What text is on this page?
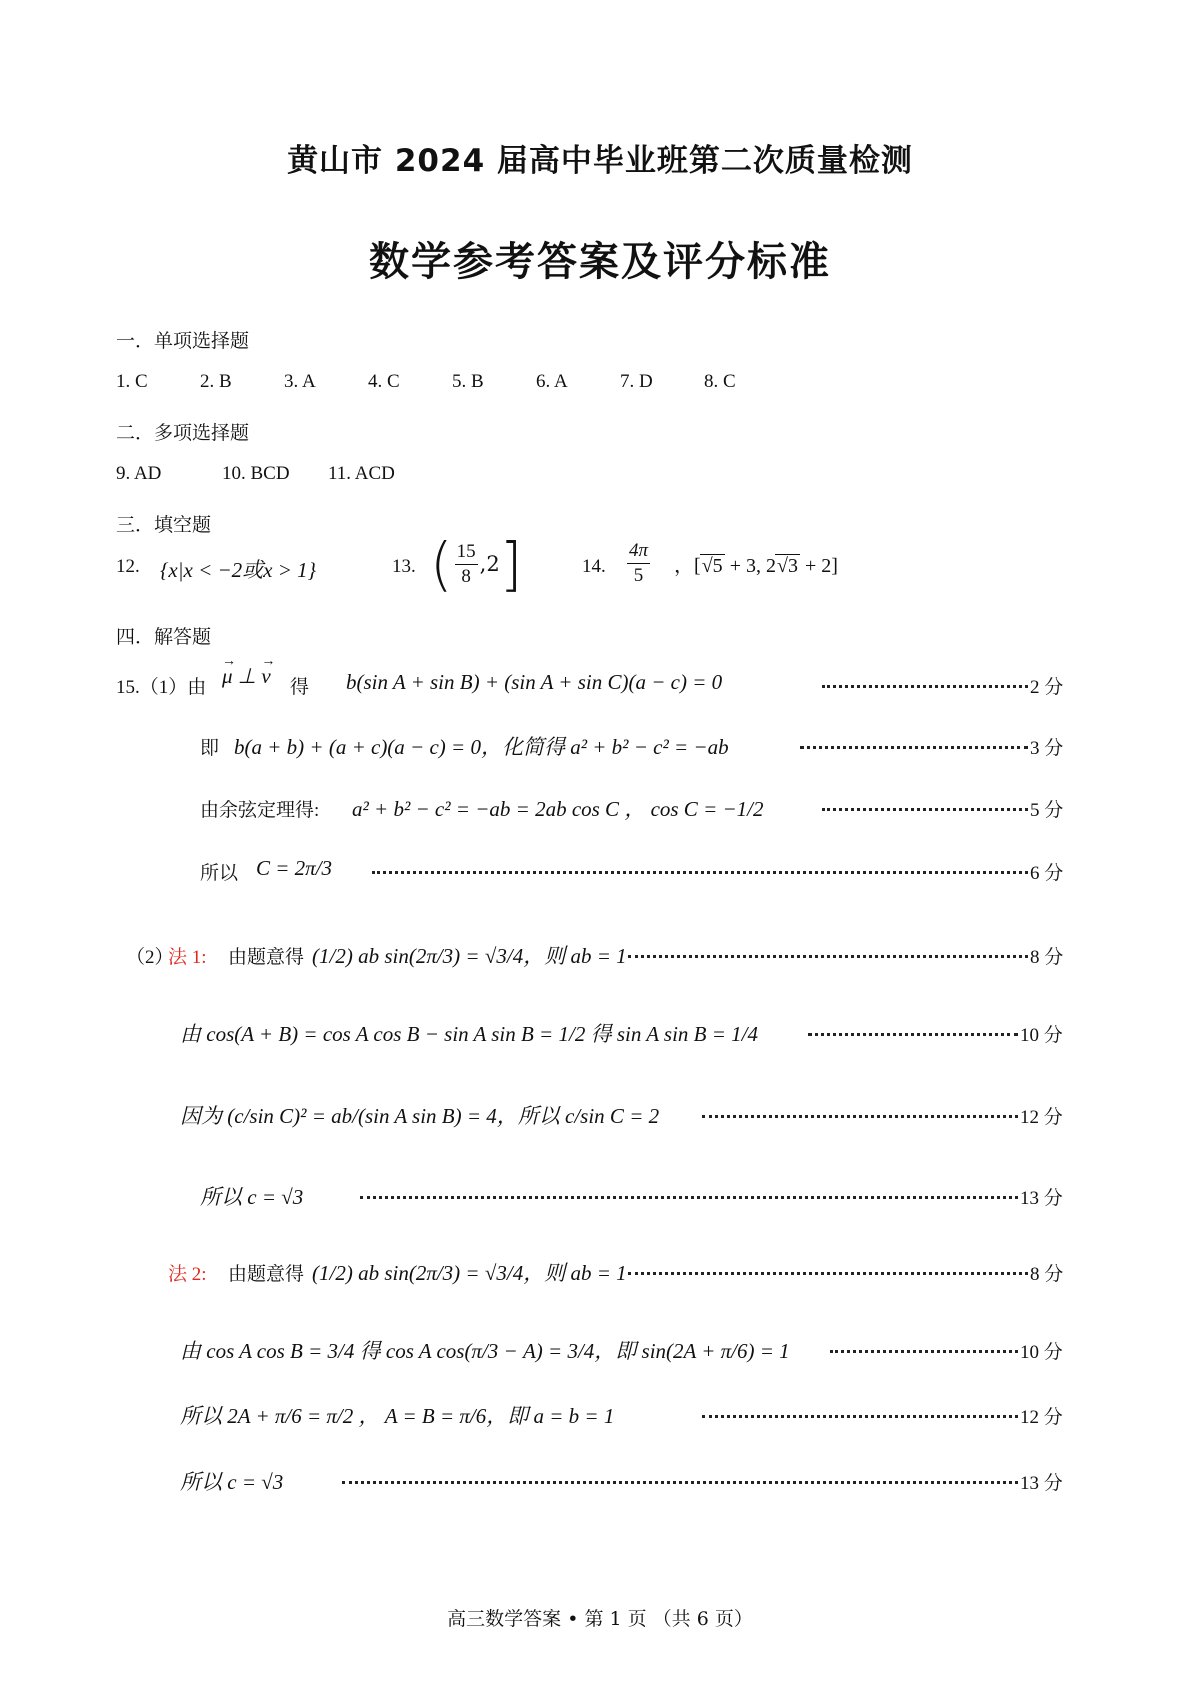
黄山市 2024 届高中毕业班第二次质量检测
数学参考答案及评分标准
一．单项选择题
1. C	2. B	3. A	4. C	5. B	6. A	7. D	8. C
二．多项选择题
9. AD	10. BCD 11. ACD
三．填空题
12. {x|x < −2或x > 1}	13. ( $\frac{15}{8} ,2$]	14. $\frac{4\pi}{5}$ ，[√5 + 3, 2√3 + 2]
四．解答题
15.（1）由 μ
→
⊥ v
→
得 b(sin A + sin B) + (sin A + sin C)(a − c) = 0	2 分
即 b(a + b) + (a + c)(a − c) = 0，化简得 a² + b² − c² = −ab	3 分
由余弦定理得: a² + b² − c² = −ab = 2ab cos C ， cos C = −1/2	5 分
所以 C = 2π/3	6 分
（2）
法 1: 由题意得 (1/2) ab sin(2π/3) = √3/4，则 ab = 1	8 分
由 cos(A + B) = cos A cos B − sin A sin B = 1/2 得 sin A sin B = 1/4	10 分
因为 (c/sin C)² = ab/(sin A sin B) = 4，所以 c/sin C = 2	12 分
所以 c = √3	13 分
法 2: 由题意得 (1/2) ab sin(2π/3) = √3/4，则 ab = 1	8 分
由 cos A cos B = 3/4 得 cos A cos(π/3 − A) = 3/4，即 sin(2A + π/6) = 1	10 分
所以 2A + π/6 = π/2 ， A = B = π/6，即 a = b = 1	12 分
所以 c = √3	13 分
高三数学答案 • 第 1 页 （共 6 页）
